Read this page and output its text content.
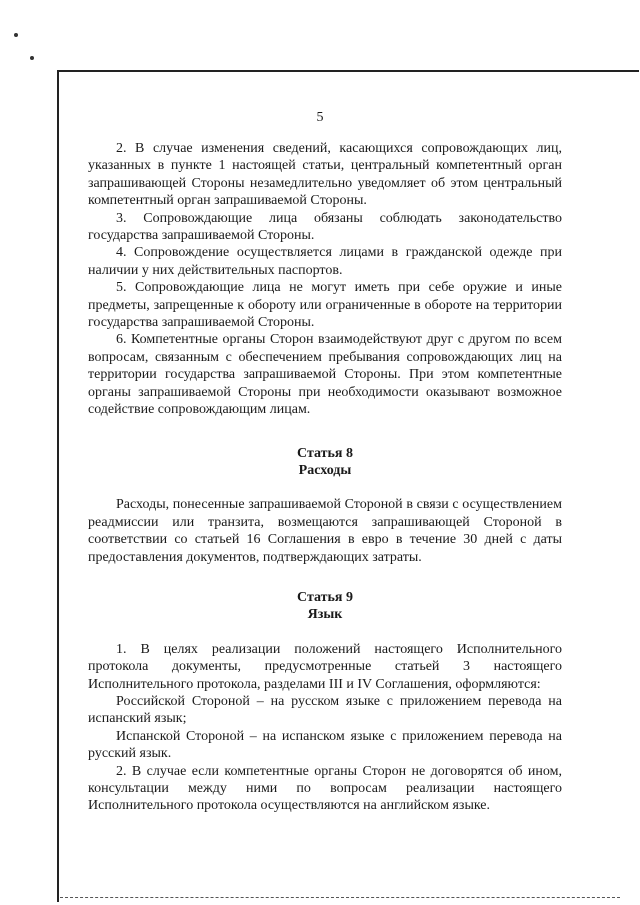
5

2. В случае изменения сведений, касающихся сопровождающих лиц, указанных в пункте 1 настоящей статьи, центральный компетентный орган запрашивающей Стороны незамедлительно уведомляет об этом центральный компетентный орган запрашиваемой Стороны.

3. Сопровождающие лица обязаны соблюдать законодательство государства запрашиваемой Стороны.

4. Сопровождение осуществляется лицами в гражданской одежде при наличии у них действительных паспортов.

5. Сопровождающие лица не могут иметь при себе оружие и иные предметы, запрещенные к обороту или ограниченные в обороте на территории государства запрашиваемой Стороны.

6. Компетентные органы Сторон взаимодействуют друг с другом по всем вопросам, связанным с обеспечением пребывания сопровождающих лиц на территории государства запрашиваемой Стороны. При этом компетентные органы запрашиваемой Стороны при необходимости оказывают возможное содействие сопровождающим лицам.

Статья 8
Расходы

Расходы, понесенные запрашиваемой Стороной в связи с осуществлением реадмиссии или транзита, возмещаются запрашивающей Стороной в соответствии со статьей 16 Соглашения в евро в течение 30 дней с даты предоставления документов, подтверждающих затраты.

Статья 9
Язык

1. В целях реализации положений настоящего Исполнительного протокола документы, предусмотренные статьей 3 настоящего Исполнительного протокола, разделами III и IV Соглашения, оформляются:

Российской Стороной – на русском языке с приложением перевода на испанский язык;

Испанской Стороной – на испанском языке с приложением перевода на русский язык.

2. В случае если компетентные органы Сторон не договорятся об ином, консультации между ними по вопросам реализации настоящего Исполнительного протокола осуществляются на английском языке.
